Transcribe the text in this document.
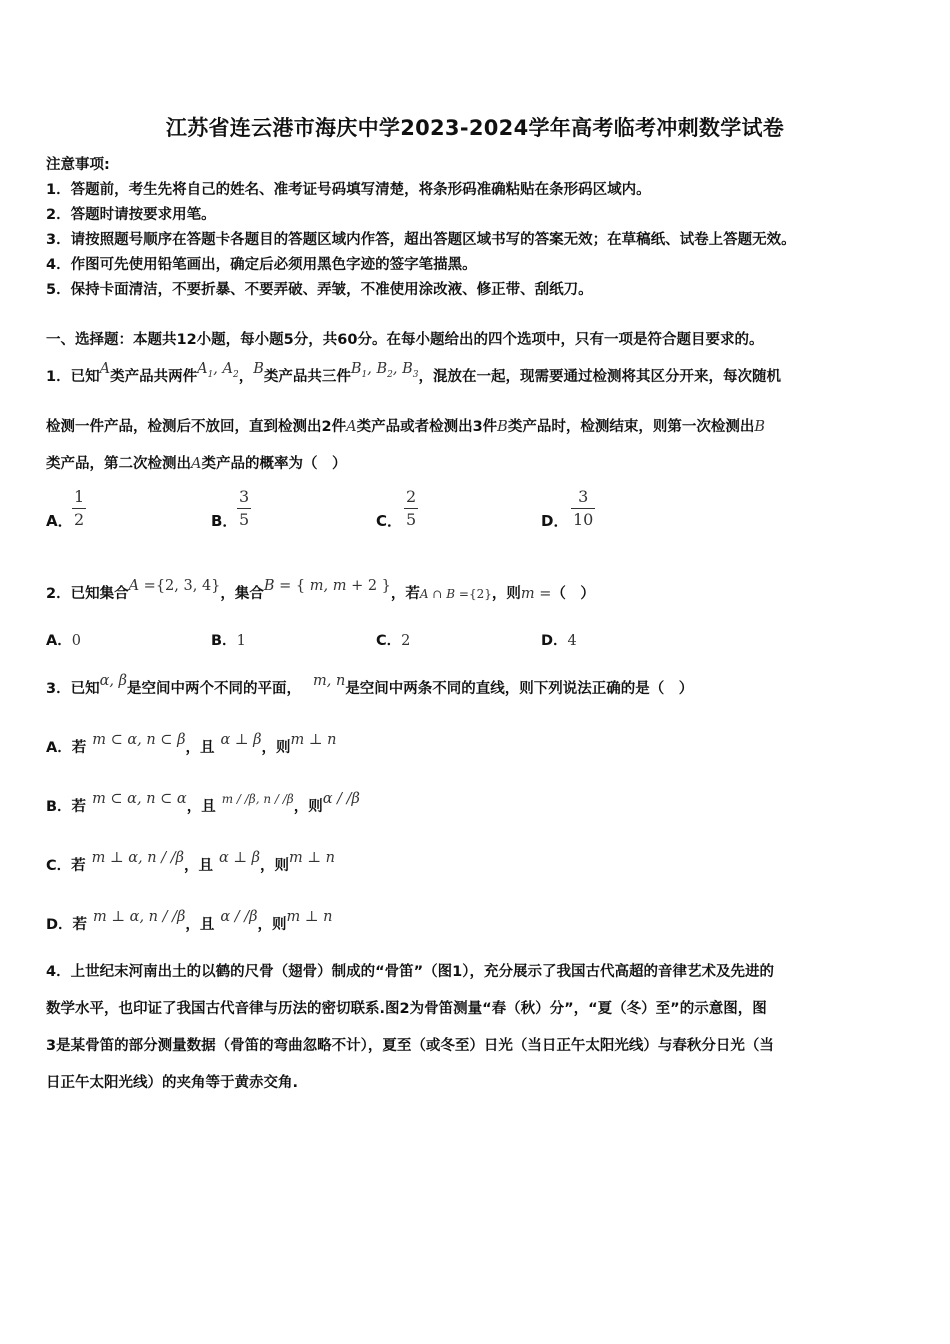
江苏省连云港市海庆中学2023-2024学年高考临考冲刺数学试卷
注意事项:
1．答题前，考生先将自己的姓名、准考证号码填写清楚，将条形码准确粘贴在条形码区域内。
2．答题时请按要求用笔。
3．请按照题号顺序在答题卡各题目的答题区域内作答，超出答题区域书写的答案无效；在草稿纸、试卷上答题无效。
4．作图可先使用铅笔画出，确定后必须用黑色字迹的签字笔描黑。
5．保持卡面清洁，不要折暴、不要弄破、弄皱，不准使用涂改液、修正带、刮纸刀。
一、选择题：本题共12小题，每小题5分，共60分。在每小题给出的四个选项中，只有一项是符合题目要求的。
1．已知A类产品共两件$A_1$, $A_2$，B类产品共三件$B_1$, $B_2$, $B_3$，混放在一起，现需要通过检测将其区分开来，每次随机
检测一件产品，检测后不放回，直到检测出2件A类产品或者检测出3件B类产品时，检测结束，则第一次检测出B
类产品，第二次检测出A类产品的概率为（　）
A．
1
2	B．
3
5	C．
2
5	D．
3
10
2．已知集合A ={2, 3, 4}，集合B = { m, m + 2 }，若A ∩ B ={2}，则m =（　）
A．0	B．1	C．2	D．4
3．已知α, β是空间中两个不同的平面， m, n是空间中两条不同的直线，则下列说法正确的是（　）
A．若 m ⊂ α, n ⊂ β，且 α ⊥ β，则m ⊥ n
B．若 m ⊂ α, n ⊂ α，且 $^{m / /\beta, n / /\beta}$，则α / /β
C．若 m ⊥ α, n / /β，且 α ⊥ β，则m ⊥ n
D．若 m ⊥ α, n / /β，且 α / /β，则m ⊥ n
4．上世纪末河南出土的以鹤的尺骨（翅骨）制成的“骨笛”（图1），充分展示了我国古代高超的音律艺术及先进的
数学水平，也印证了我国古代音律与历法的密切联系.图2为骨笛测量“春（秋）分”，“夏（冬）至”的示意图，图
3是某骨笛的部分测量数据（骨笛的弯曲忽略不计），夏至（或冬至）日光（当日正午太阳光线）与春秋分日光（当
日正午太阳光线）的夹角等于黄赤交角.
